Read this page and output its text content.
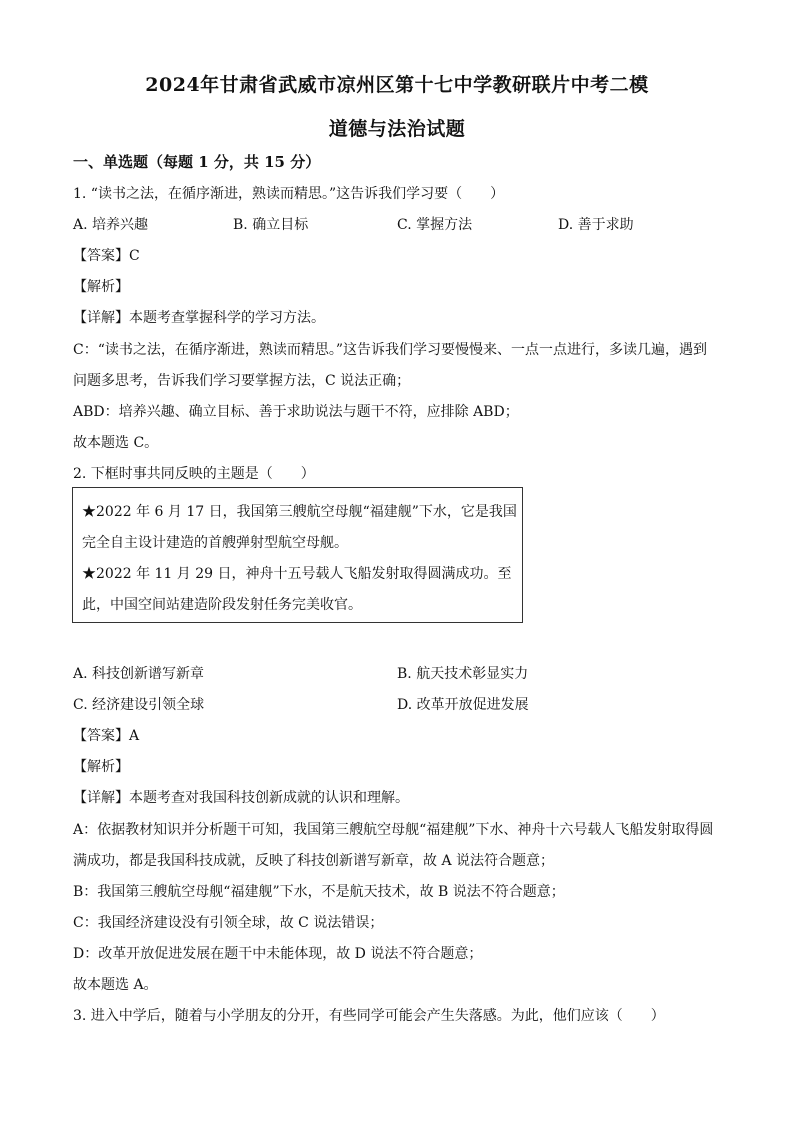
2024年甘肃省武威市凉州区第十七中学教研联片中考二模
道德与法治试题
一、单选题（每题 1 分，共 15 分）
1. “读书之法，在循序渐进，熟读而精思。”这告诉我们学习要（　　）
A. 培养兴趣	B. 确立目标	C. 掌握方法	D. 善于求助
【答案】C
【解析】
【详解】本题考查掌握科学的学习方法。
C：“读书之法，在循序渐进，熟读而精思。”这告诉我们学习要慢慢来、一点一点进行，多读几遍，遇到
问题多思考，告诉我们学习要掌握方法，C 说法正确；
ABD：培养兴趣、确立目标、善于求助说法与题干不符，应排除 ABD；
故本题选 C。
2. 下框时事共同反映的主题是（　　）
★2022 年 6 月 17 日，我国第三艘航空母舰“福建舰”下水，它是我国
完全自主设计建造的首艘弹射型航空母舰。
★2022 年 11 月 29 日，神舟十五号载人飞船发射取得圆满成功。至
此，中国空间站建造阶段发射任务完美收官。
A. 科技创新谱写新章	B. 航天技术彰显实力
C. 经济建设引领全球	D. 改革开放促进发展
【答案】A
【解析】
【详解】本题考查对我国科技创新成就的认识和理解。
A：依据教材知识并分析题干可知，我国第三艘航空母舰“福建舰”下水、神舟十六号载人飞船发射取得圆
满成功，都是我国科技成就，反映了科技创新谱写新章，故 A 说法符合题意；
B：我国第三艘航空母舰“福建舰”下水，不是航天技术，故 B 说法不符合题意；
C：我国经济建设没有引领全球，故 C 说法错误；
D：改革开放促进发展在题干中未能体现，故 D 说法不符合题意；
故本题选 A。
3. 进入中学后，随着与小学朋友的分开，有些同学可能会产生失落感。为此，他们应该（　　）
